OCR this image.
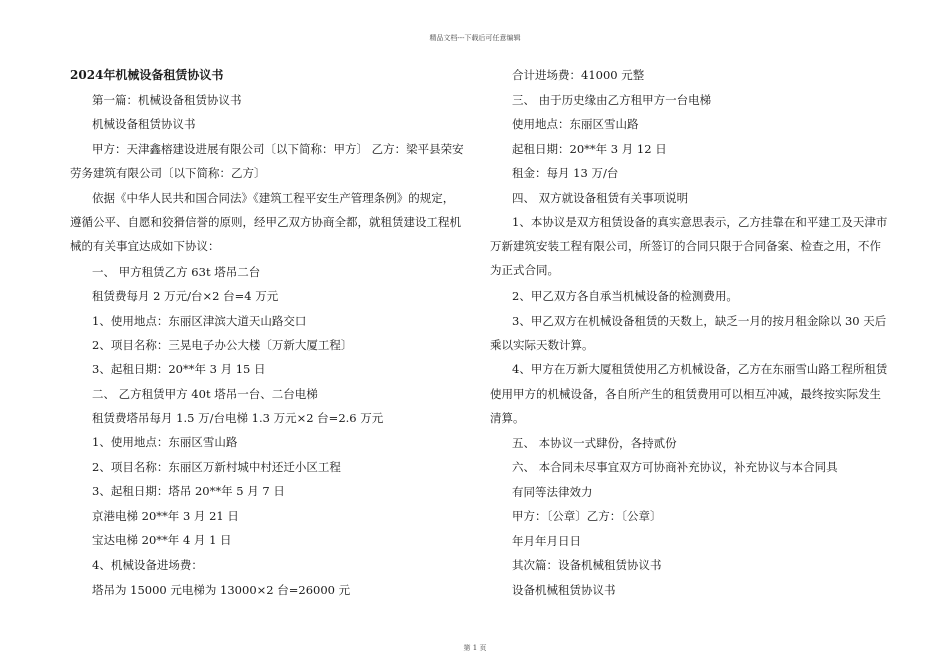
精品文档---下载后可任意编辑
2024年机械设备租赁协议书
第一篇：机械设备租赁协议书
机械设备租赁协议书
甲方：天津鑫榕建设进展有限公司〔以下简称：甲方〕 乙方：梁平县荣安
劳务建筑有限公司〔以下简称：乙方〕
依据《中华人民共和国合同法》《建筑工程平安生产管理条例》的规定，
遵循公平、自愿和狡猾信誉的原则，经甲乙双方协商全都，就租赁建设工程机
械的有关事宜达成如下协议：
一、 甲方租赁乙方 63t 塔吊二台
租赁费每月 2 万元/台×2 台=4 万元
1、使用地点：东丽区津滨大道天山路交口
2、项目名称：三晃电子办公大楼〔万新大厦工程〕
3、起租日期：20**年 3 月 15 日
二、 乙方租赁甲方 40t 塔吊一台、二台电梯
租赁费塔吊每月 1.5 万/台电梯 1.3 万元×2 台=2.6 万元
1、使用地点：东丽区雪山路
2、项目名称：东丽区万新村城中村还迁小区工程
3、起租日期：塔吊 20**年 5 月 7 日
京港电梯 20**年 3 月 21 日
宝达电梯 20**年 4 月 1 日
4、机械设备进场费：
塔吊为 15000 元电梯为 13000×2 台=26000 元
合计进场费：41000 元整
三、 由于历史缘由乙方租甲方一台电梯
使用地点：东丽区雪山路
起租日期：20**年 3 月 12 日
租金：每月 13 万/台
四、 双方就设备租赁有关事项说明
1、本协议是双方租赁设备的真实意思表示，乙方挂靠在和平建工及天津市
万新建筑安装工程有限公司，所签订的合同只限于合同备案、检查之用，不作
为正式合同。
2、甲乙双方各自承当机械设备的检测费用。
3、甲乙双方在机械设备租赁的天数上，缺乏一月的按月租金除以 30 天后
乘以实际天数计算。
4、甲方在万新大厦租赁使用乙方机械设备，乙方在东丽雪山路工程所租赁
使用甲方的机械设备，各自所产生的租赁费用可以相互冲减，最终按实际发生
清算。
五、 本协议一式肆份，各持贰份
六、 本合同未尽事宜双方可协商补充协议，补充协议与本合同具
有同等法律效力
甲方：〔公章〕乙方：〔公章〕
年月年月日日
其次篇：设备机械租赁协议书
设备机械租赁协议书
第 1 页
